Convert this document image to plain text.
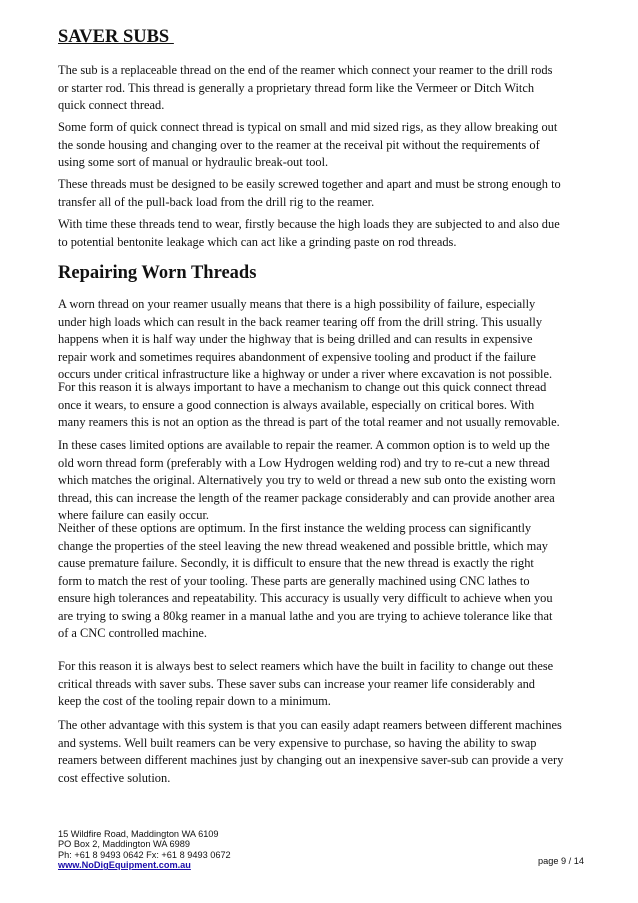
SAVER SUBS

The sub is a replaceable thread on the end of the reamer which connect your reamer to the drill rods
or starter rod. This thread is generally a proprietary thread form like the Vermeer or Ditch Witch
quick connect thread.

Some form of quick connect thread is typical on small and mid sized rigs, as they allow breaking out
the sonde housing and changing over to the reamer at the receival pit without the requirements of
using some sort of manual or hydraulic break-out tool.

These threads must be designed to be easily screwed together and apart and must be strong enough to
transfer all of the pull-back load from the drill rig to the reamer.

With time these threads tend to wear, firstly because the high loads they are subjected to and also due
to potential bentonite leakage which can act like a grinding paste on rod threads.

Repairing Worn Threads

A worn thread on your reamer usually means that there is a high possibility of failure, especially
under high loads which can result in the back reamer tearing off from the drill string. This usually
happens when it is half way under the highway that is being drilled and can results in expensive
repair work and sometimes requires abandonment of expensive tooling and product if the failure
occurs under critical infrastructure like a highway or under a river where excavation is not possible.

For this reason it is always important to have a mechanism to change out this quick connect thread
once it wears, to ensure a good connection is always available, especially on critical bores. With
many reamers this is not an option as the thread is part of the total reamer and not usually removable.

In these cases limited options are available to repair the reamer. A common option is to weld up the
old worn thread form (preferably with a Low Hydrogen welding rod) and try to re-cut a new thread
which matches the original. Alternatively you try to weld or thread a new sub onto the existing worn
thread, this can increase the length of the reamer package considerably and can provide another area
where failure can easily occur.

Neither of these options are optimum. In the first instance the welding process can significantly
change the properties of the steel leaving the new thread weakened and possible brittle, which may
cause premature failure. Secondly, it is difficult to ensure that the new thread is exactly the right
form to match the rest of your tooling. These parts are generally machined using CNC lathes to
ensure high tolerances and repeatability. This accuracy is usually very difficult to achieve when you
are trying to swing a 80kg reamer in a manual lathe and you are trying to achieve tolerance like that
of a CNC controlled machine.

For this reason it is always best to select reamers which have the built in facility to change out these
critical threads with saver subs. These saver subs can increase your reamer life considerably and
keep the cost of the tooling repair down to a minimum.

The other advantage with this system is that you can easily adapt reamers between different machines
and systems. Well built reamers can be very expensive to purchase, so having the ability to swap
reamers between different machines just by changing out an inexpensive saver-sub can provide a very
cost effective solution.

15 Wildfire Road, Maddington WA 6109
PO Box 2, Maddington WA 6989
Ph: +61 8 9493 0642 Fx: +61 8 9493 0672
www.NoDigEquipment.com.au	page 9 / 14
